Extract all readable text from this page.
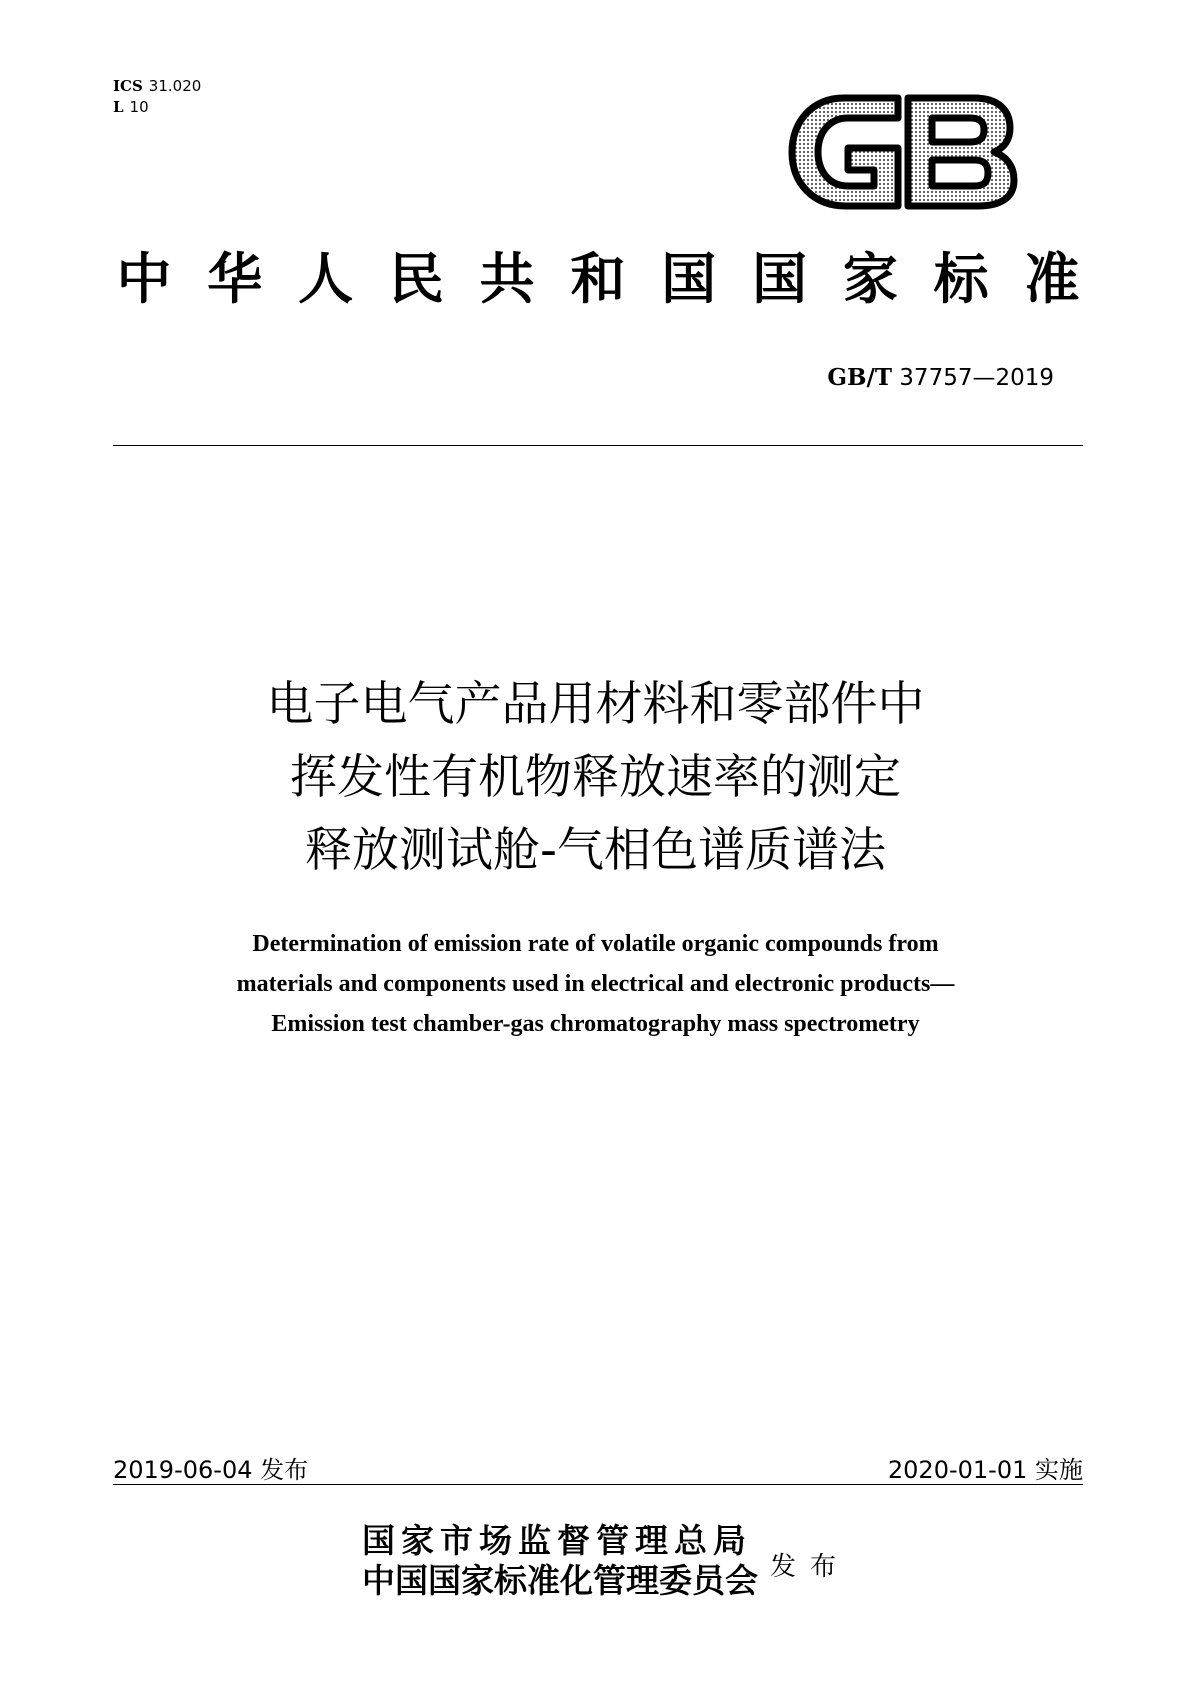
ICS 31.020
L 10
中 华 人 民 共 和 国 国 家 标 准
GB/T 37757—2019
电子电气产品用材料和零部件中
挥发性有机物释放速率的测定
释放测试舱-气相色谱质谱法
Determination of emission rate of volatile organic compounds from
materials and components used in electrical and electronic products—
Emission test chamber-gas chromatography mass spectrometry
2019-06-04 发布	2020-01-01 实施
国家市场监督管理总局
中国国家标准化管理委员会 发布
